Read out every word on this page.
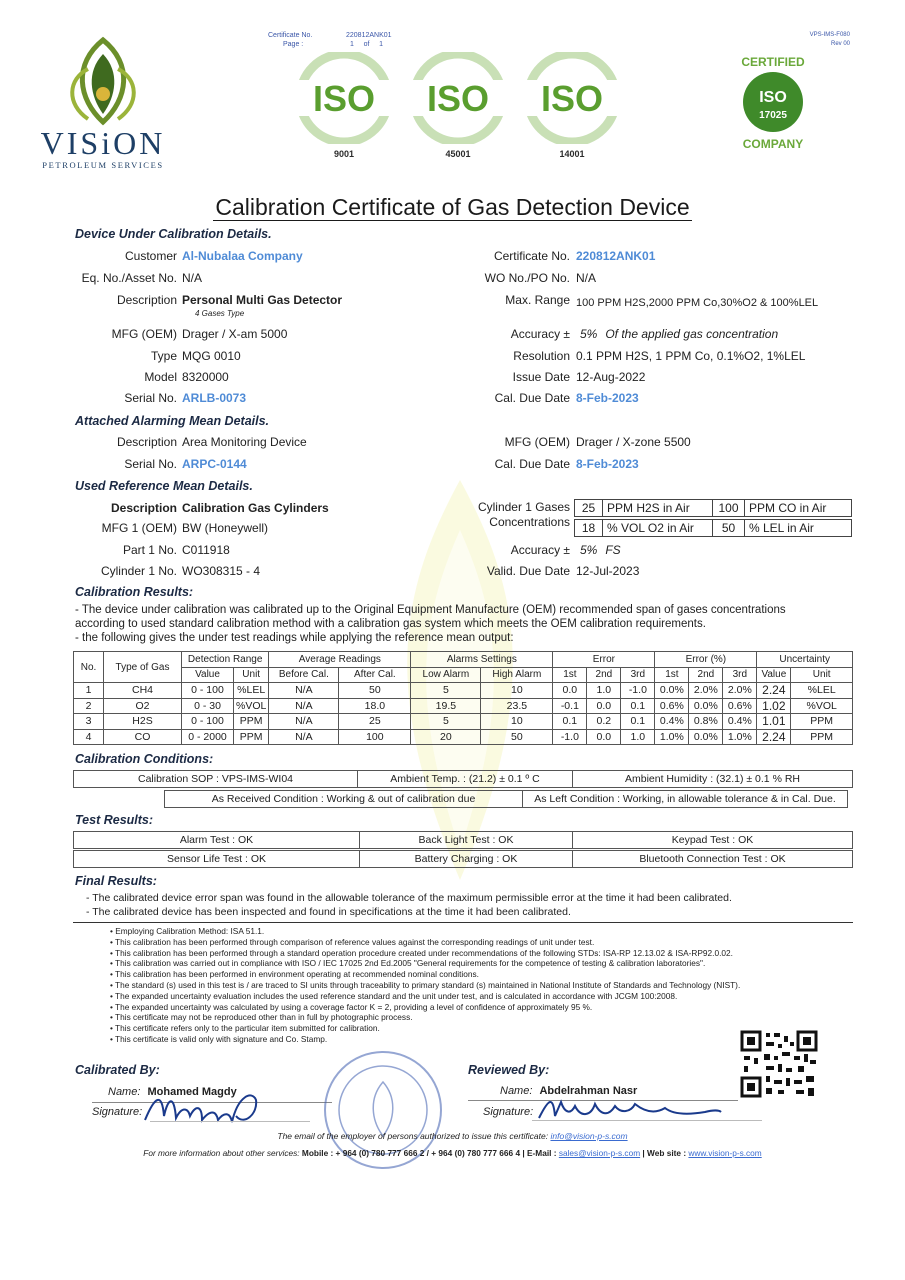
VISiON
PETROLEUM SERVICES
Certificate No.	220812ANK01
Page :	1     of     1
VPS-IMS-F080
Rev 00
ISO
9001
ISO
45001
ISO
14001
ISO
17025
CERTIFIED
COMPANY
Calibration Certificate of Gas Detection Device
Device Under Calibration Details.
Customer Al-Nubalaa Company
Eq. No./Asset No. N/A
Description Personal Multi Gas Detector
4 Gases Type
MFG (OEM) Drager / X-am 5000
Type MQG 0010
Model 8320000
Serial No. ARLB-0073
Certificate No. 220812ANK01
WO No./PO No. N/A
Max. Range 100 PPM H2S,2000 PPM Co,30%O2 & 100%LEL
Accuracy ± 5% Of the applied gas concentration
Resolution 0.1 PPM H2S, 1 PPM Co, 0.1%O2, 1%LEL
Issue Date 12-Aug-2022
Cal. Due Date 8-Feb-2023
Attached Alarming Mean Details.
Description Area Monitoring Device
Serial No. ARPC-0144
MFG (OEM) Drager / X-zone 5500
Cal. Due Date 8-Feb-2023
Used Reference Mean Details.
Description Calibration Gas Cylinders
MFG 1 (OEM) BW (Honeywell)
Part 1 No. C011918
Cylinder 1 No. WO308315 - 4
Cylinder 1 Gases
Concentrations
25	PPM H2S in Air	100	PPM CO in Air

18	% VOL O2 in Air	50	% LEL in Air
Accuracy ± 5% FS
Valid. Due Date 12-Jul-2023
Calibration Results:
- The device under calibration was calibrated up to the Original Equipment Manufacture (OEM) recommended span of gases concentrations
according to used standard calibration method with a calibration gas system which meets the OEM calibration requirements.
- the following gives the under test readings while applying the reference mean output:
No.	Type of Gas	Detection Range		Average Readings		Alarms Settings		Error			Error (%)			Uncertainty	
		Value	Unit	Before Cal.	After Cal.	Low Alarm	High Alarm	1st	2nd	3rd	1st	2nd	3rd	Value	Unit
1	CH4	0 - 100	%LEL	N/A	50	5	10	0.0	1.0	-1.0	0.0%	2.0%	2.0%	2.24	%LEL
2	O2	0 - 30	%VOL	N/A	18.0	19.5	23.5	-0.1	0.0	0.1	0.6%	0.0%	0.6%	1.02	%VOL
3	H2S	0 - 100	PPM	N/A	25	5	10	0.1	0.2	0.1	0.4%	0.8%	0.4%	1.01	PPM
4	CO	0 - 2000	PPM	N/A	100	20	50	-1.0	0.0	1.0	1.0%	0.0%	1.0%	2.24	PPM
Calibration Conditions:
Calibration SOP : VPS-IMS-WI04	Ambient Temp. : (21.2) ± 0.1 º C	Ambient Humidity : (32.1) ± 0.1 % RH
As Received Condition : Working & out of calibration due	As Left Condition : Working, in allowable tolerance & in Cal. Due.
Test Results:
Alarm Test : OK	Back Light Test : OK	Keypad Test : OK
Sensor Life Test : OK	Battery Charging : OK	Bluetooth Connection Test : OK
Final Results:
- The calibrated device error span was found in the allowable tolerance of the maximum permissible error at the time it had been calibrated.
- The calibrated device has been inspected and found in specifications at the time it had been calibrated.
• Employing Calibration Method: ISA 51.1.
• This calibration has been performed through comparison of reference values against the corresponding readings of unit under test.
• This calibration has been performed through a standard operation procedure created under recommendations of the following STDs: ISA-RP 12.13.02 & ISA-RP92.0.02.
• This calibration was carried out in compliance with ISO / IEC 17025 2nd Ed.2005 "General requirements for the competence of testing & calibration laboratories".
• This calibration has been performed in environment operating at recommended nominal conditions.
• The standard (s) used in this test is / are traced to SI units through traceability to primary standard (s) maintained in National Institute of Standards and Technology (NIST).
• The expanded uncertainty evaluation includes the used reference standard and the unit under test, and is calculated in accordance with JCGM 100:2008.
• The expanded uncertainty was calculated by using a coverage factor K = 2, providing a level of confidence of approximately 95 %.
• This certificate may not be reproduced other than in full by photographic process.
• This certificate refers only to the particular item submitted for calibration.
• This certificate is valid only with signature and Co. Stamp.
Calibrated By:	Reviewed By:
Name: Mohamed Magdy
Signature:
Name: Abdelrahman Nasr
Signature:
The email of the employer of persons authorized to issue this certificate: info@vision-p-s.com
For more information about other services: Mobile : + 964 (0) 780 777 666 2 / + 964 (0) 780 777 666 4 | E-Mail : sales@vision-p-s.com | Web site : www.vision-p-s.com
